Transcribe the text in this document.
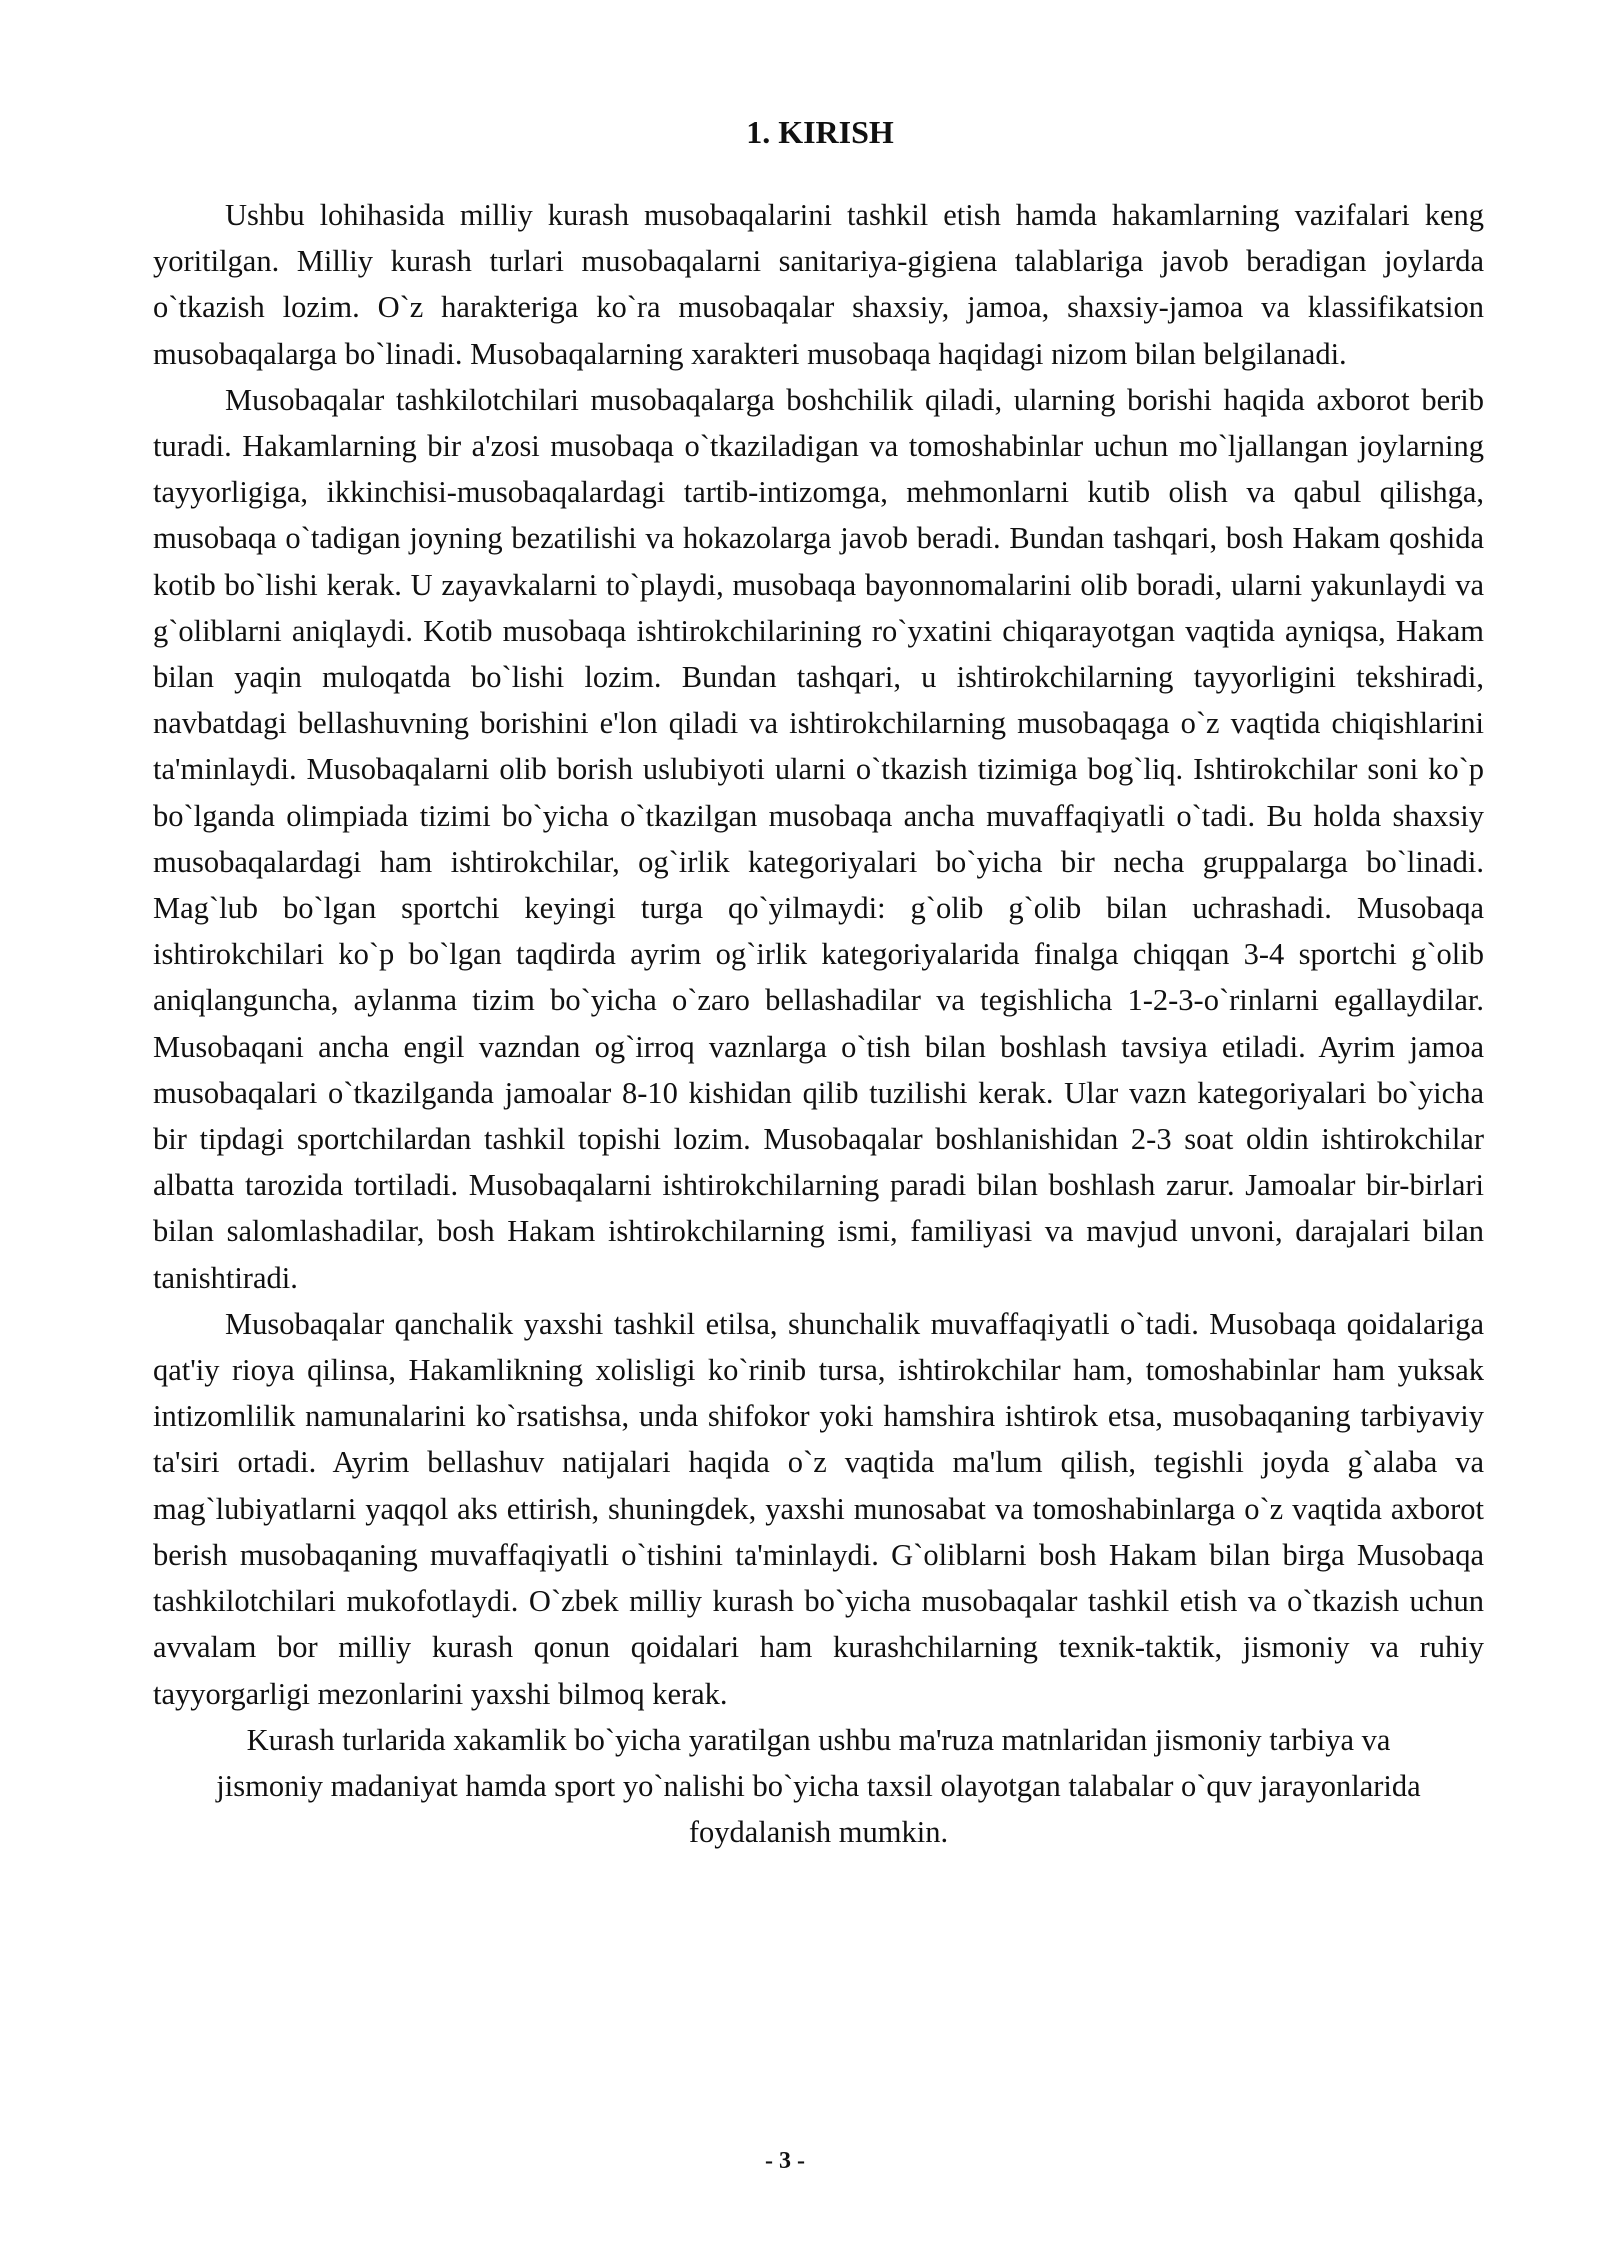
1. KIRISH

Ushbu lohihasida milliy kurash musobaqalarini tashkil etish hamda hakamlarning vazifalari keng yoritilgan. Milliy kurash turlari musobaqalarni sanitariya-gigiena talablariga javob beradigan joylarda o`tkazish lozim. O`z harakteriga ko`ra musobaqalar shaxsiy, jamoa, shaxsiy-jamoa va klassifikatsion musobaqalarga bo`linadi. Musobaqalarning xarakteri musobaqa haqidagi nizom bilan belgilanadi.

Musobaqalar tashkilotchilari musobaqalarga boshchilik qiladi, ularning borishi haqida axborot berib turadi. Hakamlarning bir a'zosi musobaqa o`tkaziladigan va tomoshabinlar uchun mo`ljallangan joylarning tayyorligiga, ikkinchisi-musobaqalardagi tartib-intizomga, mehmonlarni kutib olish va qabul qilishga, musobaqa o`tadigan joyning bezatilishi va hokazolarga javob beradi. Bundan tashqari, bosh Hakam qoshida kotib bo`lishi kerak. U zayavkalarni to`playdi, musobaqa bayonnomalarini olib boradi, ularni yakunlaydi va g`oliblarni aniqlaydi. Kotib musobaqa ishtirokchilarining ro`yxatini chiqarayotgan vaqtida ayniqsa, Hakam bilan yaqin muloqatda bo`lishi lozim. Bundan tashqari, u ishtirokchilarning tayyorligini tekshiradi, navbatdagi bellashuvning borishini e'lon qiladi va ishtirokchilarning musobaqaga o`z vaqtida chiqishlarini ta'minlaydi. Musobaqalarni olib borish uslubiyoti ularni o`tkazish tizimiga bog`liq. Ishtirokchilar soni ko`p bo`lganda olimpiada tizimi bo`yicha o`tkazilgan musobaqa ancha muvaffaqiyatli o`tadi. Bu holda shaxsiy musobaqalardagi ham ishtirokchilar, og`irlik kategoriyalari bo`yicha bir necha gruppalarga bo`linadi. Mag`lub bo`lgan sportchi keyingi turga qo`yilmaydi: g`olib g`olib bilan uchrashadi. Musobaqa ishtirokchilari ko`p bo`lgan taqdirda ayrim og`irlik kategoriyalarida finalga chiqqan 3-4 sportchi g`olib aniqlanguncha, aylanma tizim bo`yicha o`zaro bellashadilar va tegishlicha 1-2-3-o`rinlarni egallaydilar. Musobaqani ancha engil vazndan og`irroq vaznlarga o`tish bilan boshlash tavsiya etiladi. Ayrim jamoa musobaqalari o`tkazilganda jamoalar 8-10 kishidan qilib tuzilishi kerak. Ular vazn kategoriyalari bo`yicha bir tipdagi sportchilardan tashkil topishi lozim. Musobaqalar boshlanishidan 2-3 soat oldin ishtirokchilar albatta tarozida tortiladi. Musobaqalarni ishtirokchilarning paradi bilan boshlash zarur. Jamoalar bir-birlari bilan salomlashadilar, bosh Hakam ishtirokchilarning ismi, familiyasi va mavjud unvoni, darajalari bilan tanishtiradi.

Musobaqalar qanchalik yaxshi tashkil etilsa, shunchalik muvaffaqiyatli o`tadi. Musobaqa qoidalariga qat'iy rioya qilinsa, Hakamlikning xolisligi ko`rinib tursa, ishtirokchilar ham, tomoshabinlar ham yuksak intizomlilik namunalarini ko`rsatishsa, unda shifokor yoki hamshira ishtirok etsa, musobaqaning tarbiyaviy ta'siri ortadi. Ayrim bellashuv natijalari haqida o`z vaqtida ma'lum qilish, tegishli joyda g`alaba va mag`lubiyatlarni yaqqol aks ettirish, shuningdek, yaxshi munosabat va tomoshabinlarga o`z vaqtida axborot berish musobaqaning muvaffaqiyatli o`tishini ta'minlaydi. G`oliblarni bosh Hakam bilan birga Musobaqa tashkilotchilari mukofotlaydi. O`zbek milliy kurash bo`yicha musobaqalar tashkil etish va o`tkazish uchun avvalam bor milliy kurash qonun qoidalari ham kurashchilarning texnik-taktik, jismoniy va ruhiy tayyorgarligi mezonlarini yaxshi bilmoq kerak.

Kurash turlarida xakamlik bo`yicha yaratilgan ushbu ma'ruza matnlaridan jismoniy tarbiya va jismoniy madaniyat hamda sport yo`nalishi bo`yicha taxsil olayotgan talabalar o`quv jarayonlarida foydalanish mumkin.

- 3 -
